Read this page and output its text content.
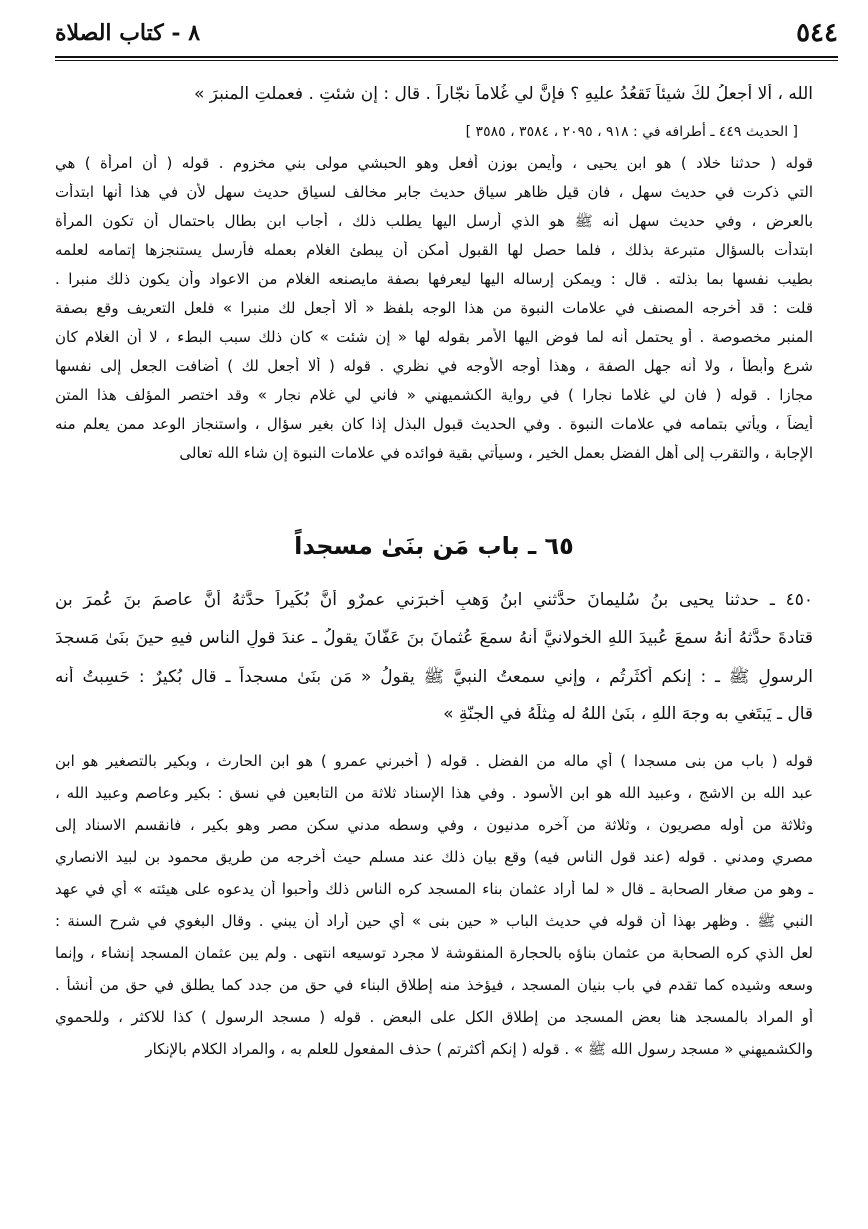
٥٤٤
٨ - كتاب الصلاة
الله ، ألا أجعلُ لكَ شيئاً تَقعُدُ عليهِ ؟ فإنَّ لي غُلاماً نجّاراً . قال : إن شئتِ . فعملتِ المنبرَ »
[ الحديث ٤٤٩ ـ أطرافه في : ٩١٨ ، ٢٠٩٥ ، ٣٥٨٤ ، ٣٥٨٥ ]
قوله ( حدثنا خلاد ) هو ابن يحيى ، وأيمن بوزن أفعل وهو الحبشي مولى بني مخزوم . قوله ( أن امرأة ) هي
التي ذكرت في حديث سهل ، فان قيل ظاهر سياق حديث جابر مخالف لسياق حديث سهل لأن في هذا أنها ابتدأت
بالعرض ، وفي حديث سهل أنه ﷺ هو الذي أرسل اليها يطلب ذلك ، أجاب ابن بطال باحتمال أن تكون المرأة
ابتدأت بالسؤال متبرعة بذلك ، فلما حصل لها القبول أمكن أن يبطئ الغلام بعمله فأرسل يستنجزها إتمامه لعلمه
بطيب نفسها بما بذلته . قال : ويمكن إرساله اليها ليعرفها بصفة مايصنعه الغلام من الاعواد وأن يكون ذلك منبرا .
قلت : قد أخرجه المصنف في علامات النبوة من هذا الوجه بلفظ « ألا أجعل لك منبرا » فلعل التعريف وقع بصفة
المنبر مخصوصة . أو يحتمل أنه لما فوض اليها الأمر بقوله لها « إن شئت » كان ذلك سبب البطء ، لا أن الغلام كان
شرع وأبطأ ، ولا أنه جهل الصفة ، وهذا أوجه الأوجه في نظري . قوله ( ألا أجعل لك ) أضافت الجعل إلى نفسها
مجازا . قوله ( فان لي غلاما نجارا ) في رواية الكشميهني « فاني لي غلام نجار » وقد اختصر المؤلف هذا المتن
أيضاً ، ويأتي بتمامه في علامات النبوة . وفي الحديث قبول البذل إذا كان بغير سؤال ، واستنجاز الوعد ممن يعلم منه
الإجابة ، والتقرب إلى أهل الفضل بعمل الخير ، وسيأتي بقية فوائده في علامات النبوة إن شاء الله تعالى
٦٥ ـ باب مَن بنَىٰ مسجداً
٤٥٠ ـ حدثنا يحيى بنُ سُليمانَ حدَّثني ابنُ وَهبٍ أخبرَني عمرٌو أنَّ بُكَيراً حدَّثهُ أنَّ عاصمَ بنَ عُمرَ بنِ
قتادةَ حدَّثهُ أنهُ سمعَ عُبيدَ اللهِ الخولانيَّ أنهُ سمعَ عُثمانَ بنَ عَفّانَ يقولُ ـ عندَ قولِ الناسِ فيهِ حينَ بنَىٰ مَسجدَ
الرسولِ ﷺ ـ : إنكم أكثَرتُم ، وإني سمعتُ النبيَّ ﷺ يقولُ « مَن بنَىٰ مسجداً ـ قال بُكيرٌ : حَسِبتُ أنه
قال ـ يَبتَغي به وجهَ اللهِ ، بنَىٰ اللهُ له مِثلَهُ في الجنّةِ »
قوله ( باب من بنى مسجدا ) أي ماله من الفضل . قوله ( أخبرني عمرو ) هو ابن الحارث ، وبكير بالتصغير هو ابن
عبد الله بن الاشج ، وعبيد الله هو ابن الأسود . وفي هذا الإسناد ثلاثة من التابعين في نسق : بكير وعاصم وعبيد الله ،
وثلاثة من أوله مصريون ، وثلاثة من آخره مدنيون ، وفي وسطه مدني سكن مصر وهو بكير ، فانقسم الاسناد إلى
مصري ومدني . قوله (عند قول الناس فيه) وقع بيان ذلك عند مسلم حيث أخرجه من طريق محمود بن لبيد الانصاري
ـ وهو من صغار الصحابة ـ قال « لما أراد عثمان بناء المسجد كره الناس ذلك وأحبوا أن يدعوه على هيئته » أي في عهد
النبي ﷺ . وظهر بهذا أن قوله في حديث الباب « حين بنى » أي حين أراد أن يبني . وقال البغوي في شرح السنة :
لعل الذي كره الصحابة من عثمان بناؤه بالحجارة المنقوشة لا مجرد توسيعه انتهى . ولم يبن عثمان المسجد إنشاء ، وإنما
وسعه وشيده كما تقدم في باب بنيان المسجد ، فيؤخذ منه إطلاق البناء في حق من جدد كما يطلق في حق من أنشأ .
أو المراد بالمسجد هنا بعض المسجد من إطلاق الكل على البعض . قوله ( مسجد الرسول ) كذا للاكثر ، وللحموي
والكشميهني « مسجد رسول الله ﷺ » . قوله ( إنكم أكثرتم ) حذف المفعول للعلم به ، والمراد الكلام بالإنكار
